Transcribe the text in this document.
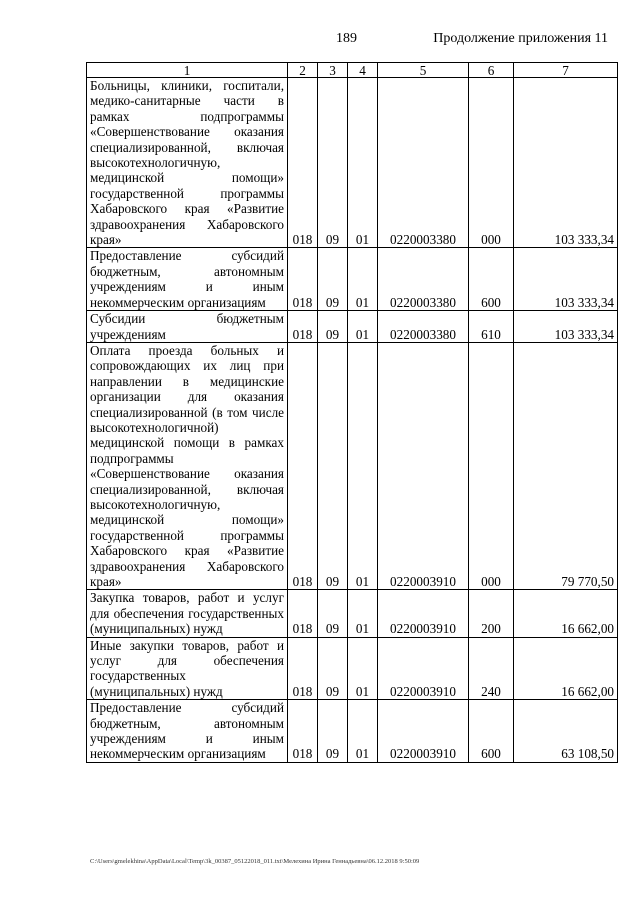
189	Продолжение приложения 11
1	2	3	4	5	6	7
Больницы, клиники, госпитали, медико-санитарные части в рамках подпрограммы «Совершенствование оказания специализированной, включая высокотехнологичную, медицинской помощи» государственной программы Хабаровского края «Развитие здравоохранения Хабаровского края»	018	09	01	0220003380	000	103 333,34
Предоставление субсидий бюджетным, автономным учреждениям и иным некоммерческим организациям	018	09	01	0220003380	600	103 333,34
Субсидии бюджетным учреждениям	018	09	01	0220003380	610	103 333,34
Оплата проезда больных и сопровождающих их лиц при направлении в медицинские организации для оказания специализированной (в том числе высокотехнологичной) медицинской помощи в рамках подпрограммы «Совершенствование оказания специализированной, включая высокотехнологичную, медицинской помощи» государственной программы Хабаровского края «Развитие здравоохранения Хабаровского края»	018	09	01	0220003910	000	79 770,50
Закупка товаров, работ и услуг для обеспечения государственных (муниципальных) нужд	018	09	01	0220003910	200	16 662,00
Иные закупки товаров, работ и услуг для обеспечения государственных (муниципальных) нужд	018	09	01	0220003910	240	16 662,00
Предоставление субсидий бюджетным, автономным учреждениям и иным некоммерческим организациям	018	09	01	0220003910	600	63 108,50
C:\Users\gmelekhina\AppData\Local\Temp\3k_00387_05122018_011.txt\Мелехина Ирина Геннадьевна\06.12.2018 9:50:09
